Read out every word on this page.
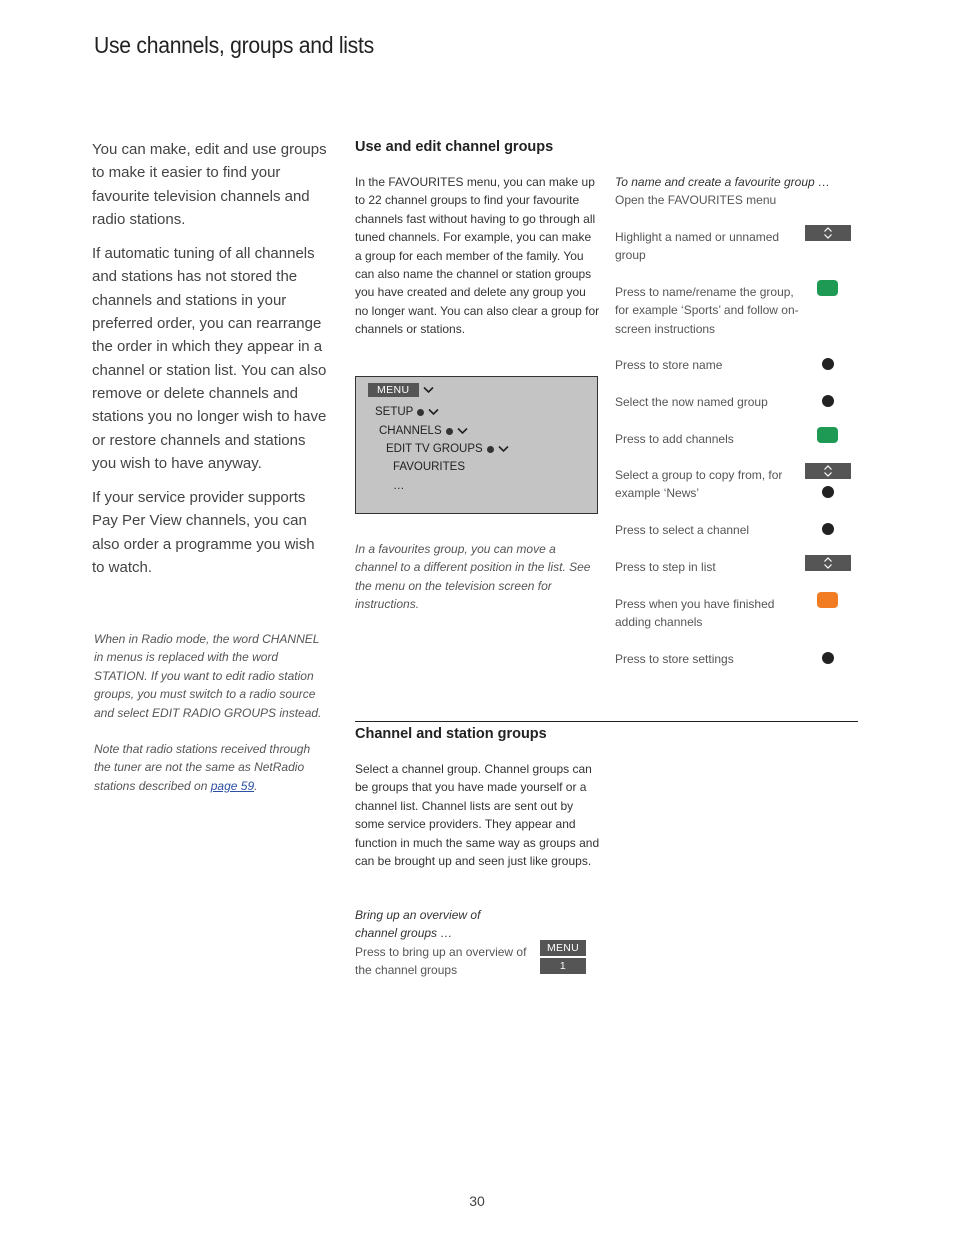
Use channels, groups and lists

You can make, edit and use groups to make it easier to find your favourite television channels and radio stations.

If automatic tuning of all channels and stations has not stored the channels and stations in your preferred order, you can rearrange the order in which they appear in a channel or station list. You can also remove or delete channels and stations you no longer wish to have or restore channels and stations you wish to have anyway.

If your service provider supports Pay Per View channels, you can also order a programme you wish to watch.

When in Radio mode, the word CHANNEL in menus is replaced with the word STATION. If you want to edit radio station groups, you must switch to a radio source and select EDIT RADIO GROUPS instead.
Note that radio stations received through the tuner are not the same as NetRadio stations described on page 59.
Use and edit channel groups
In the FAVOURITES menu, you can make up to 22 channel groups to find your favourite channels fast without having to go through all tuned channels. For example, you can make a group for each member of the family. You can also name the channel or station groups you have created and delete any group you no longer want. You can also clear a group for channels or stations.
MENU
SETUP
CHANNELS
EDIT TV GROUPS
FAVOURITES
…
In a favourites group, you can move a channel to a different position in the list. See the menu on the television screen for instructions.
To name and create a favourite group …
Open the FAVOURITES menu
Highlight a named or unnamed group
Press to name/rename the group, for example ‘Sports’ and follow on-screen instructions
Press to store name
Select the now named group
Press to add channels
Select a group to copy from, for example ‘News’
Press to select a channel
Press to step in list
Press when you have finished adding channels
Press to store settings
Channel and station groups
Select a channel group. Channel groups can be groups that you have made yourself or a channel list. Channel lists are sent out by some service providers. They appear and function in much the same way as groups and can be brought up and seen just like groups.
Bring up an overview of channel groups …
Press to bring up an overview of the channel groups
MENU
1
30
